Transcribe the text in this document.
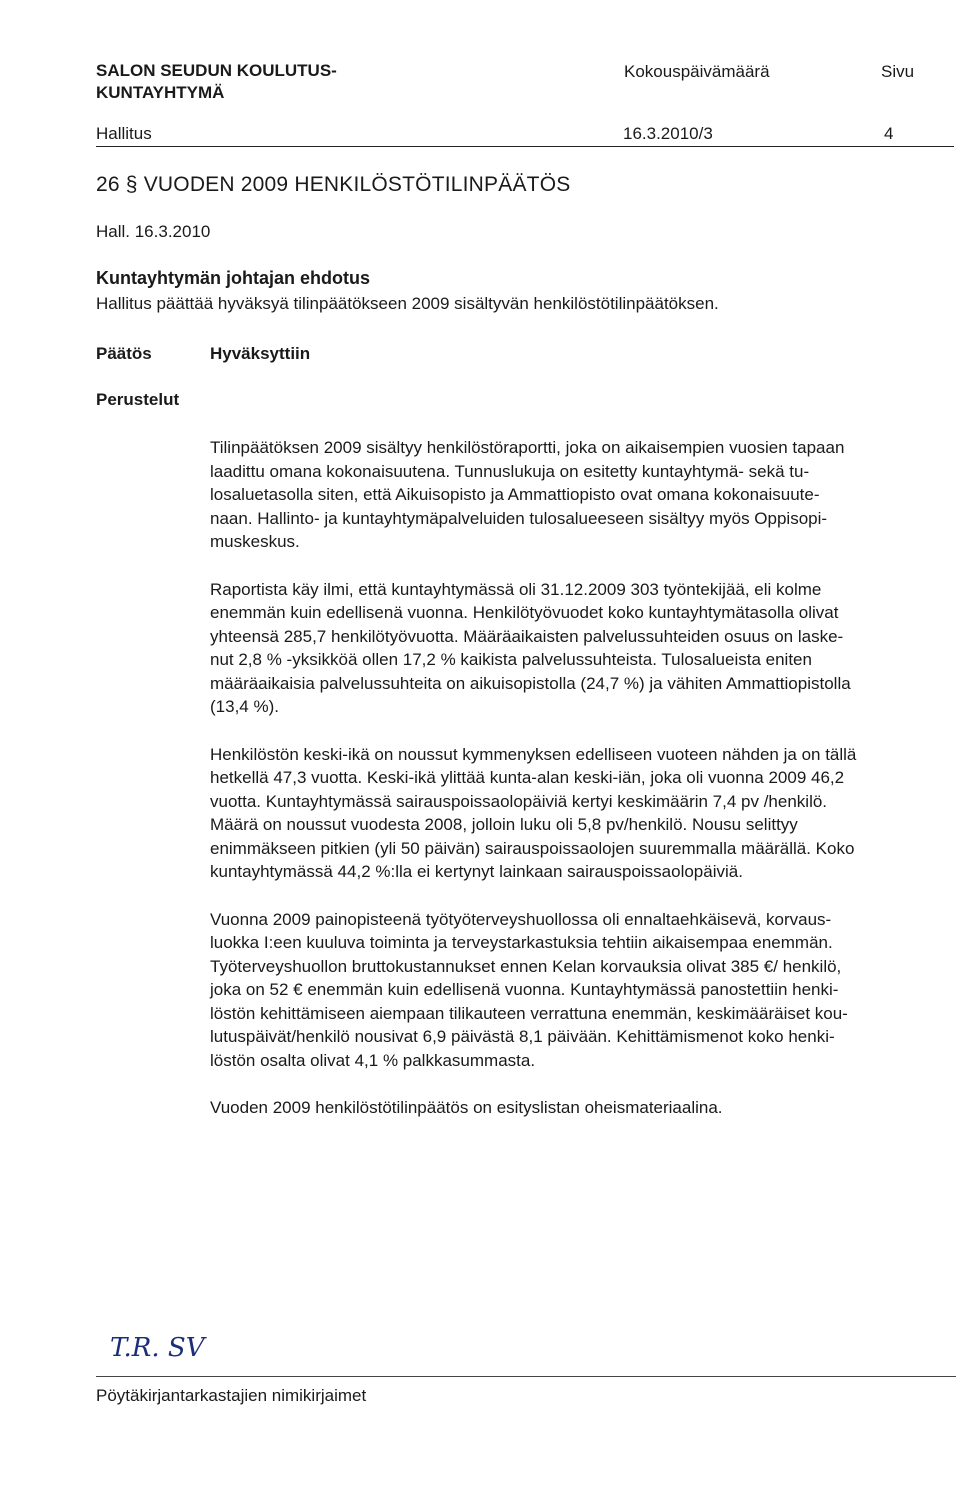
SALON SEUDUN KOULUTUS-
KUNTAYHTYMÄ
Kokouspäivämäärä	Sivu
Hallitus	16.3.2010/3	4
26 § VUODEN 2009 HENKILÖSTÖTILINPÄÄTÖS
Hall. 16.3.2010
Kuntayhtymän johtajan ehdotus
Hallitus päättää hyväksyä tilinpäätökseen 2009 sisältyvän henkilöstötilinpäätöksen.
Päätös	Hyväksyttiin
Perustelut

Tilinpäätöksen 2009 sisältyy henkilöstöraportti, joka on aikaisempien vuosien tapaan
laadittu omana kokonaisuutena. Tunnuslukuja on esitetty kuntayhtymä- sekä tu-
losaluetasolla siten, että Aikuisopisto ja Ammattiopisto ovat omana kokonaisuute-
naan. Hallinto- ja kuntayhtymäpalveluiden tulosalueeseen sisältyy myös Oppisopi-
muskeskus.

Raportista käy ilmi, että kuntayhtymässä oli 31.12.2009 303 työntekijää, eli kolme
enemmän kuin edellisenä vuonna. Henkilötyövuodet koko kuntayhtymätasolla olivat
yhteensä 285,7 henkilötyövuotta. Määräaikaisten palvelussuhteiden osuus on laske-
nut 2,8 % -yksikköä ollen 17,2 % kaikista palvelussuhteista. Tulosalueista eniten
määräaikaisia palvelussuhteita on aikuisopistolla (24,7 %) ja vähiten Ammattiopistolla
(13,4 %).

Henkilöstön keski-ikä on noussut kymmenyksen edelliseen vuoteen nähden ja on tällä
hetkellä 47,3 vuotta. Keski-ikä ylittää kunta-alan keski-iän, joka oli vuonna 2009 46,2
vuotta. Kuntayhtymässä sairauspoissaolopäiviä kertyi keskimäärin 7,4 pv /henkilö.
Määrä on noussut vuodesta 2008, jolloin luku oli 5,8 pv/henkilö. Nousu selittyy
enimmäkseen pitkien (yli 50 päivän) sairauspoissaolojen suuremmalla määrällä. Koko
kuntayhtymässä 44,2 %:lla ei kertynyt lainkaan sairauspoissaolopäiviä.

Vuonna 2009 painopisteenä työtyöterveyshuollossa oli ennaltaehkäisevä, korvaus-
luokka I:een kuuluva toiminta ja terveystarkastuksia tehtiin aikaisempaa enemmän.
Työterveyshuollon bruttokustannukset ennen Kelan korvauksia olivat 385 €/ henkilö,
joka on 52 € enemmän kuin edellisenä vuonna. Kuntayhtymässä panostettiin henki-
löstön kehittämiseen aiempaan tilikauteen verrattuna enemmän, keskimääräiset kou-
lutuspäivät/henkilö nousivat 6,9 päivästä 8,1 päivään. Kehittämismenot koko henki-
löstön osalta olivat 4,1 % palkkasummasta.

Vuoden 2009 henkilöstötilinpäätös on esityslistan oheismateriaalina.

T.R. SV
Pöytäkirjantarkastajien nimikirjaimet
